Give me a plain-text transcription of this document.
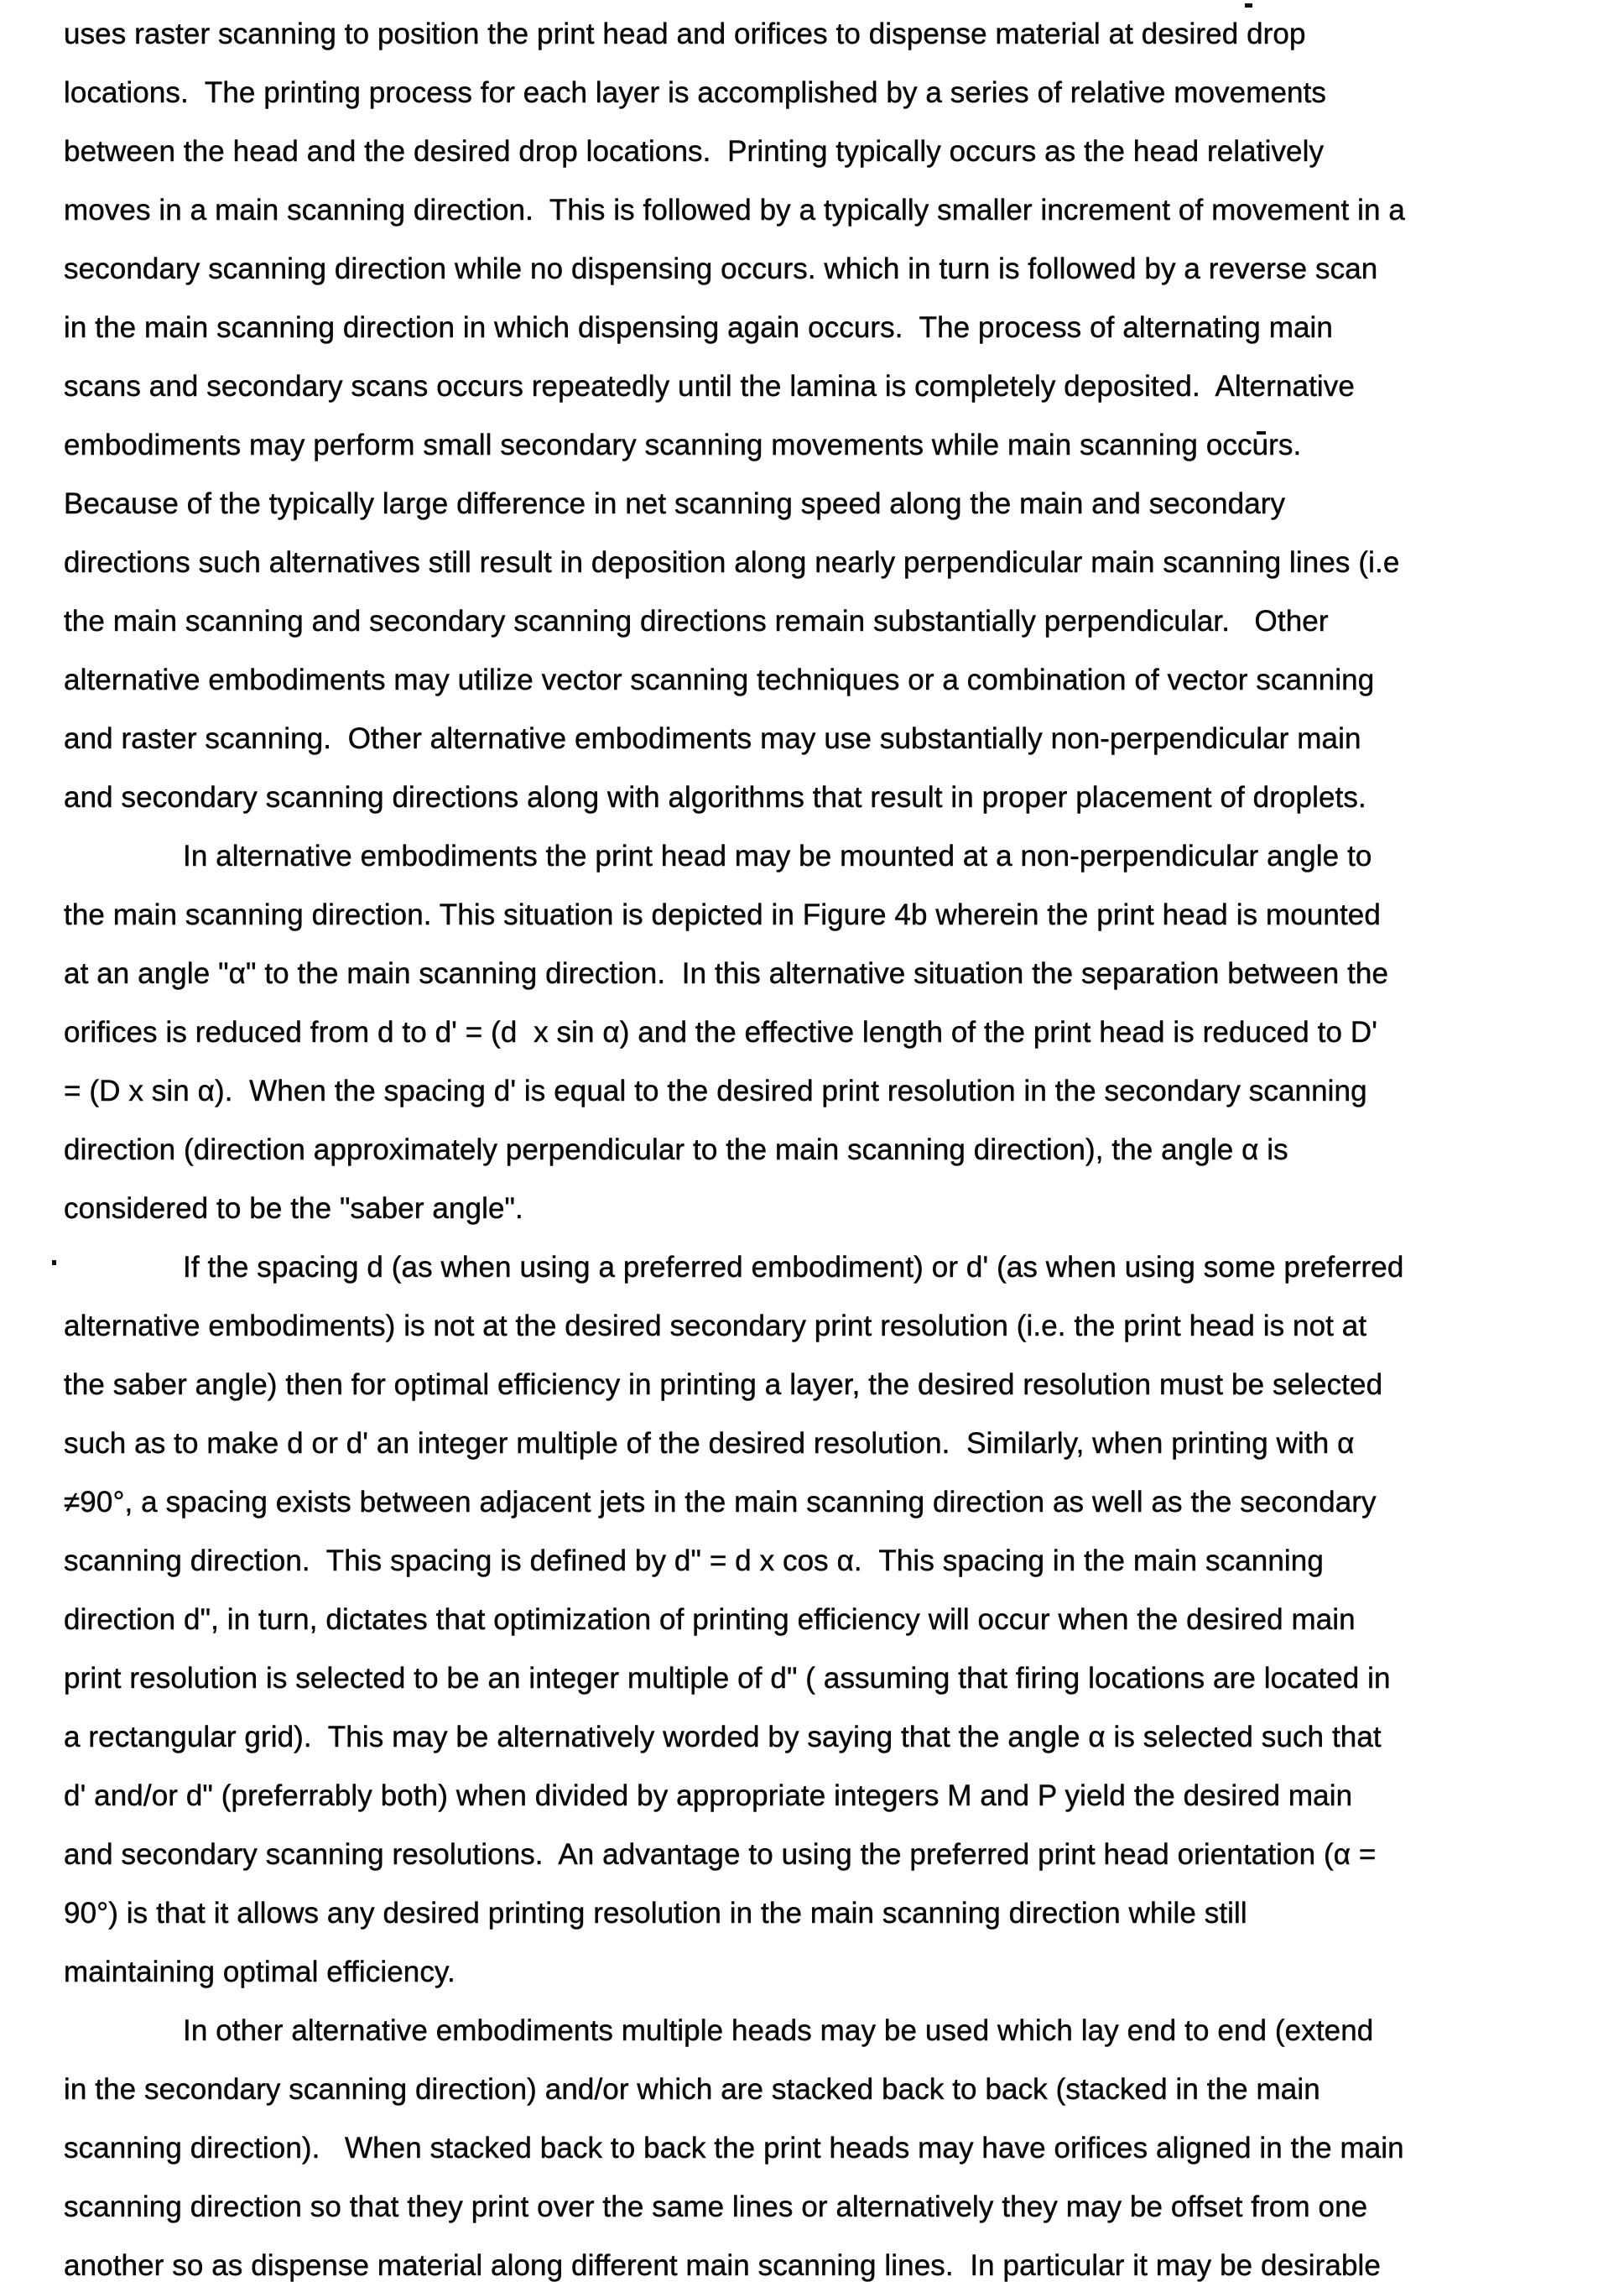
uses raster scanning to position the print head and orifices to dispense material at desired drop
locations.  The printing process for each layer is accomplished by a series of relative movements
between the head and the desired drop locations.  Printing typically occurs as the head relatively
moves in a main scanning direction.  This is followed by a typically smaller increment of movement in a
secondary scanning direction while no dispensing occurs. which in turn is followed by a reverse scan
in the main scanning direction in which dispensing again occurs.  The process of alternating main
scans and secondary scans occurs repeatedly until the lamina is completely deposited.  Alternative
embodiments may perform small secondary scanning movements while main scanning occurs.
Because of the typically large difference in net scanning speed along the main and secondary
directions such alternatives still result in deposition along nearly perpendicular main scanning lines (i.e
the main scanning and secondary scanning directions remain substantially perpendicular.   Other
alternative embodiments may utilize vector scanning techniques or a combination of vector scanning
and raster scanning.  Other alternative embodiments may use substantially non-perpendicular main
and secondary scanning directions along with algorithms that result in proper placement of droplets.

In alternative embodiments the print head may be mounted at a non-perpendicular angle to
the main scanning direction. This situation is depicted in Figure 4b wherein the print head is mounted
at an angle "α" to the main scanning direction.  In this alternative situation the separation between the
orifices is reduced from d to d' = (d  x sin α) and the effective length of the print head is reduced to D'
= (D x sin α).  When the spacing d' is equal to the desired print resolution in the secondary scanning
direction (direction approximately perpendicular to the main scanning direction), the angle α is
considered to be the "saber angle".

If the spacing d (as when using a preferred embodiment) or d' (as when using some preferred
alternative embodiments) is not at the desired secondary print resolution (i.e. the print head is not at
the saber angle) then for optimal efficiency in printing a layer, the desired resolution must be selected
such as to make d or d' an integer multiple of the desired resolution.  Similarly, when printing with α
≠90°, a spacing exists between adjacent jets in the main scanning direction as well as the secondary
scanning direction.  This spacing is defined by d" = d x cos α.  This spacing in the main scanning
direction d", in turn, dictates that optimization of printing efficiency will occur when the desired main
print resolution is selected to be an integer multiple of d" ( assuming that firing locations are located in
a rectangular grid).  This may be alternatively worded by saying that the angle α is selected such that
d' and/or d" (preferrably both) when divided by appropriate integers M and P yield the desired main
and secondary scanning resolutions.  An advantage to using the preferred print head orientation (α =
90°) is that it allows any desired printing resolution in the main scanning direction while still
maintaining optimal efficiency.

In other alternative embodiments multiple heads may be used which lay end to end (extend
in the secondary scanning direction) and/or which are stacked back to back (stacked in the main
scanning direction).   When stacked back to back the print heads may have orifices aligned in the main
scanning direction so that they print over the same lines or alternatively they may be offset from one
another so as dispense material along different main scanning lines.  In particular it may be desirable
